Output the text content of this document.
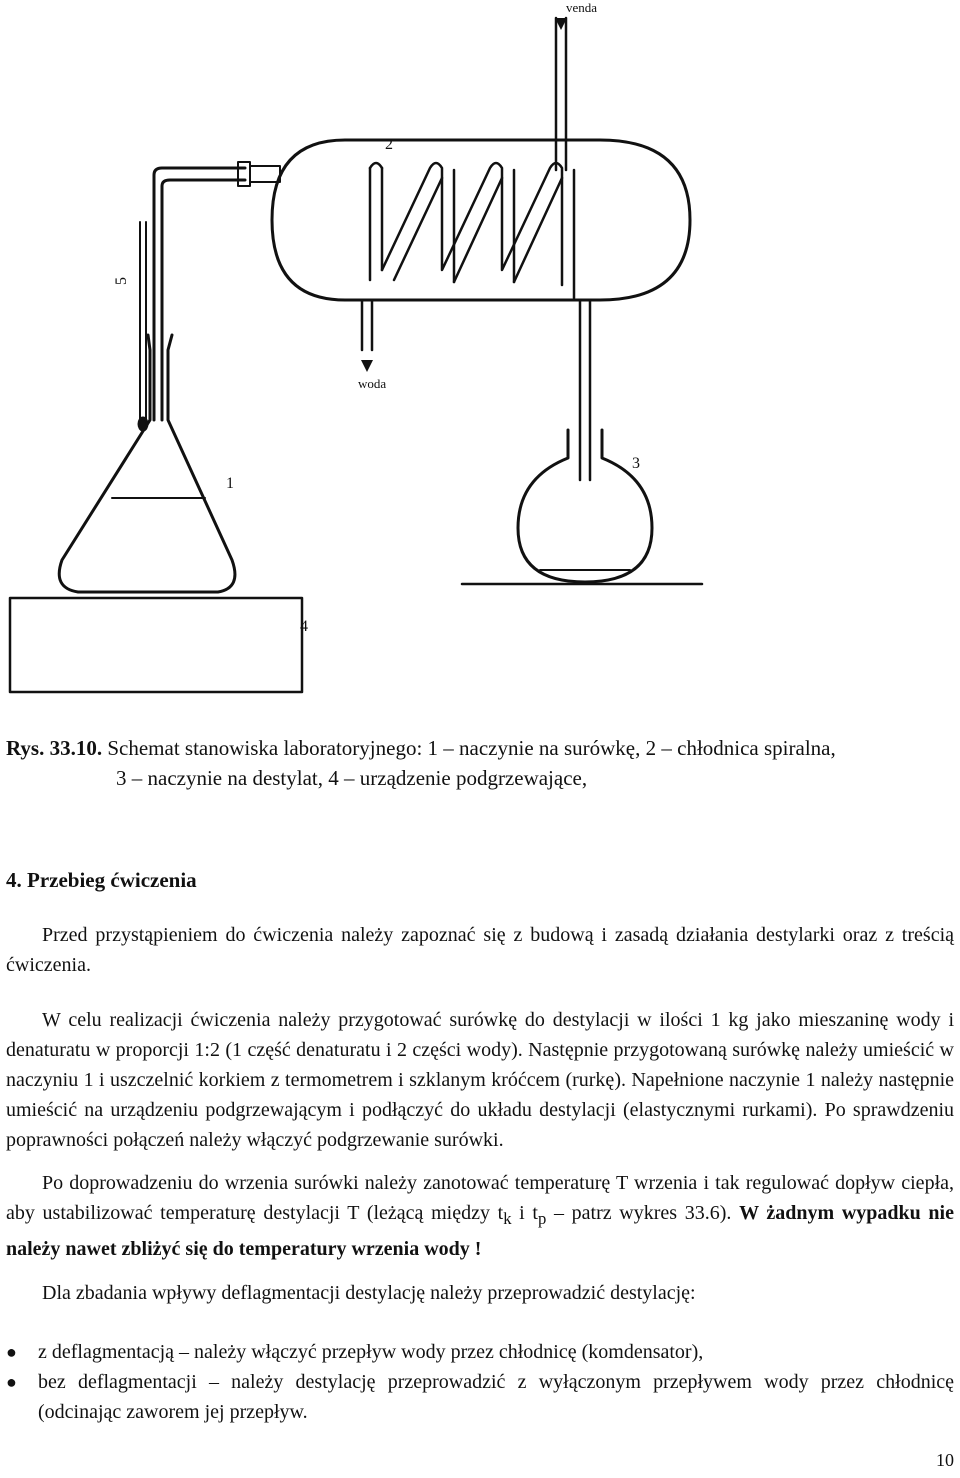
venda
woda
1
2
3
4
5
Rys. 33.10. Schemat stanowiska laboratoryjnego: 1 – naczynie na surówkę, 2 – chłodnica spiralna,
3 – naczynie na destylat, 4 – urządzenie podgrzewające,
4. Przebieg ćwiczenia
Przed przystąpieniem do ćwiczenia należy zapoznać się z budową i zasadą działania destylarki oraz z treścią ćwiczenia.
W celu realizacji ćwiczenia należy przygotować surówkę do destylacji w ilości 1 kg jako mieszaninę wody i denaturatu w proporcji 1:2 (1 część denaturatu i 2 części wody). Następnie przygotowaną surówkę należy umieścić w naczyniu 1 i uszczelnić korkiem z termometrem i szklanym króćcem (rurkę). Napełnione naczynie 1 należy następnie umieścić na urządzeniu podgrzewającym i podłączyć do układu destylacji (elastycznymi rurkami). Po sprawdzeniu poprawności połączeń należy włączyć podgrzewanie surówki.
Po doprowadzeniu do wrzenia surówki należy zanotować temperaturę T wrzenia i tak regulować dopływ ciepła, aby ustabilizować temperaturę destylacji T (leżącą między $t_k$ i $t_p$ – patrz wykres 33.6). W żadnym wypadku nie należy nawet zbliżyć się do temperatury wrzenia wody !
Dla zbadania wpływy deflagmentacji destylację należy przeprowadzić destylację:
●	z deflagmentacją – należy włączyć przepływ wody przez chłodnicę (komdensator),
●	bez deflagmentacji – należy destylację przeprowadzić z wyłączonym przepływem wody przez chłodnicę (odcinając zaworem jej przepływ.
10
